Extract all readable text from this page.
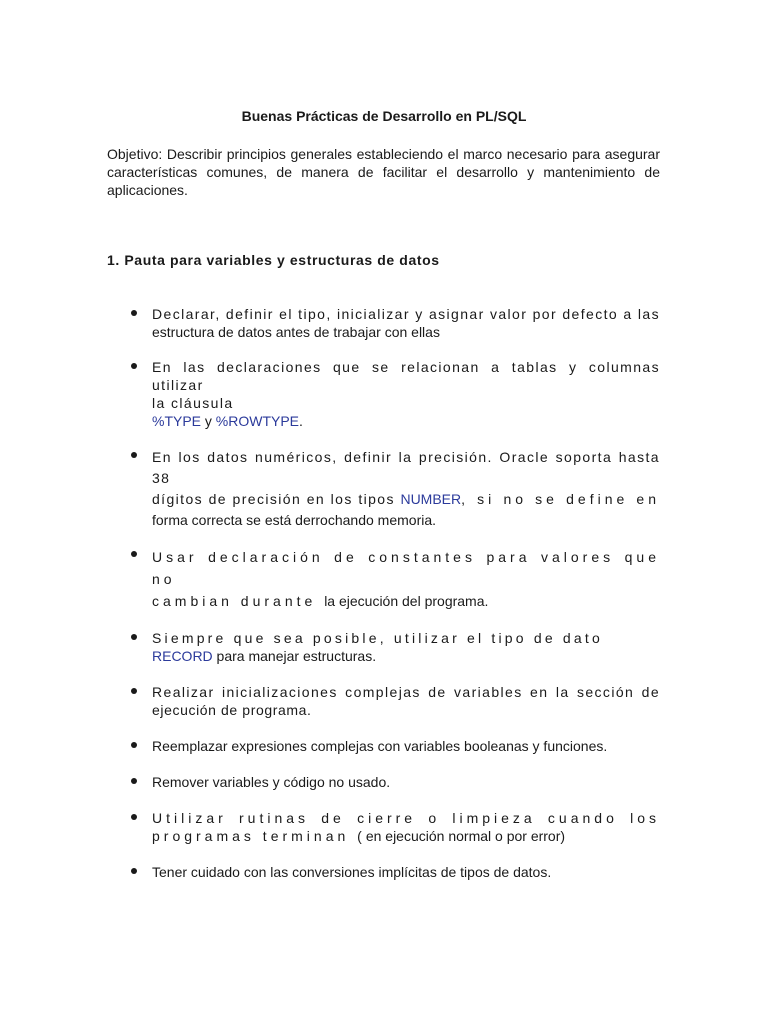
Buenas Prácticas de Desarrollo en PL/SQL

Objetivo: Describir principios generales estableciendo el marco necesario para asegurar características comunes, de manera de facilitar el desarrollo y mantenimiento de aplicaciones.

1. Pauta para variables y estructuras de datos
Declarar, definir el tipo, inicializar y asignar valor por defecto a las
estructura de datos antes de trabajar con ellas
En las declaraciones que se relacionan a tablas y columnas utilizar
la cláusula
%TYPE y %ROWTYPE.
En los datos numéricos, definir la precisión. Oracle soporta hasta 38
dígitos de precisión en los tipos NUMBER, si no se define en
forma correcta se está derrochando memoria.
Usar declaración de constantes para valores que no
cambian durante la ejecución del programa.
Siempre que sea posible, utilizar el tipo de dato
RECORD para manejar estructuras.
Realizar inicializaciones complejas de variables en la sección de
ejecución de programa.
Reemplazar expresiones complejas con variables booleanas y funciones.
Remover variables y código no usado.
Utilizar rutinas de cierre o limpieza cuando los
programas terminan (en ejecución normal o por error)
Tener cuidado con las conversiones implícitas de tipos de datos.
